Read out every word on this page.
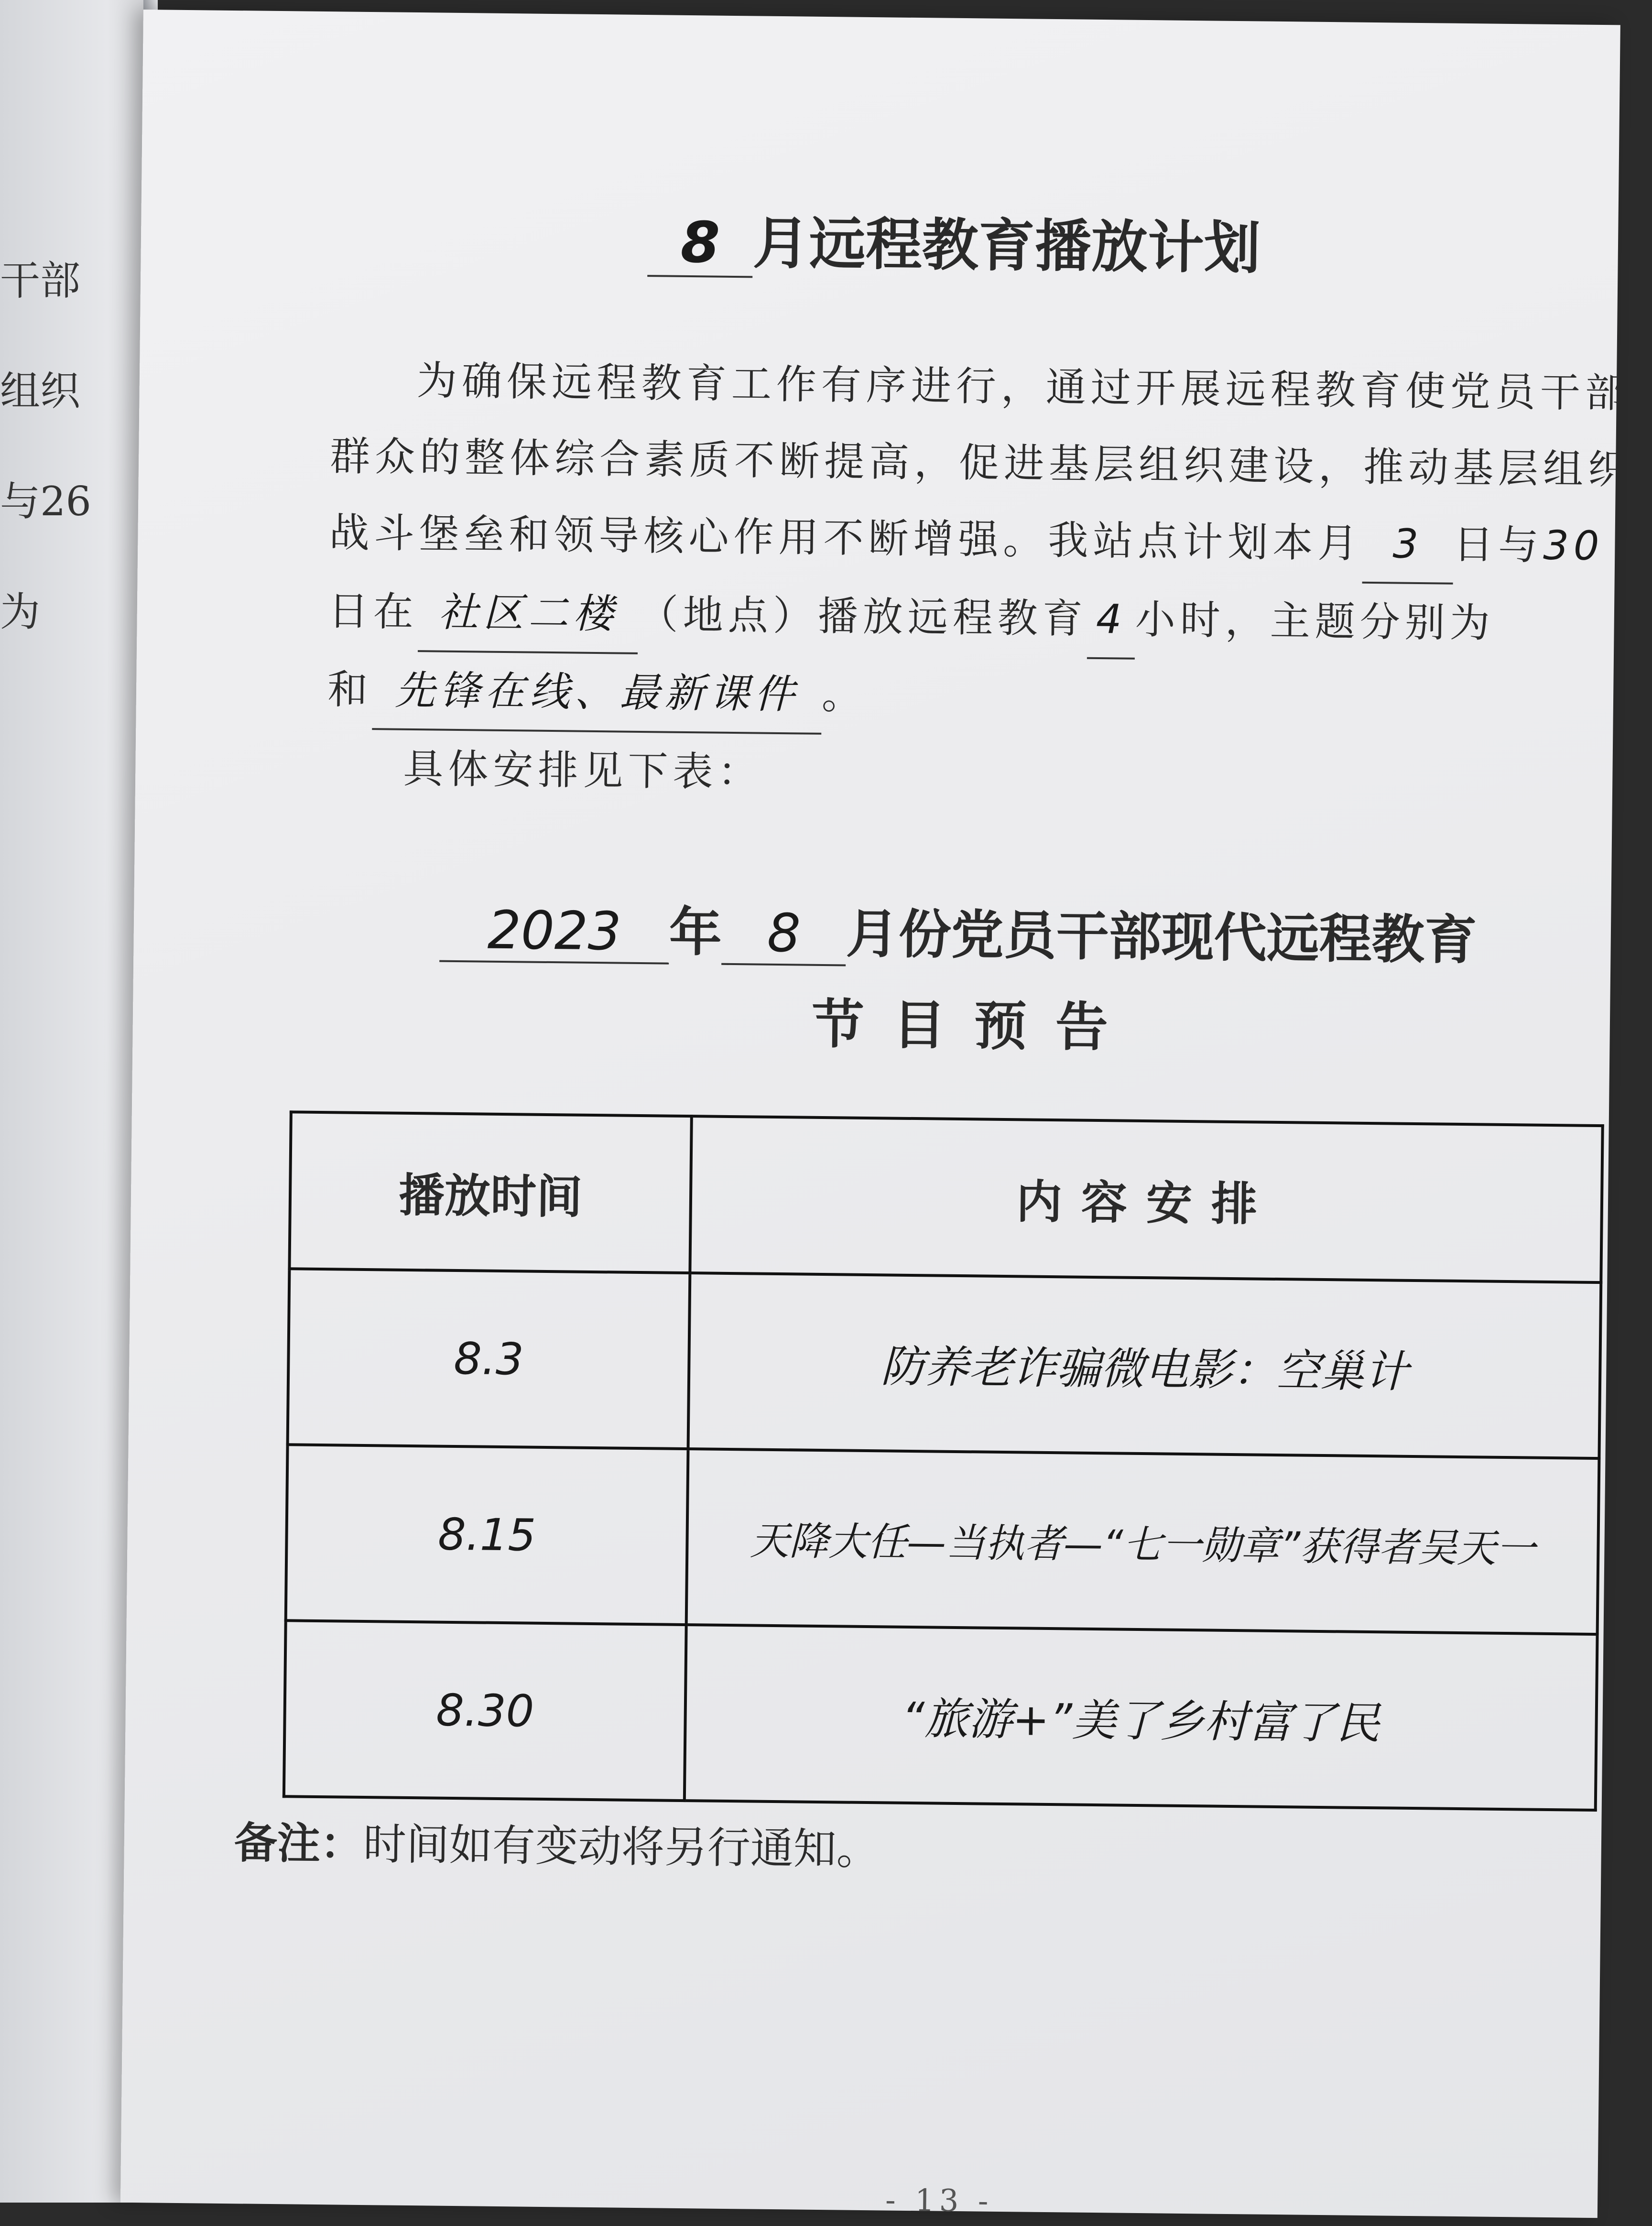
干部
组织
与26
为
8 月远程教育播放计划
为确保远程教育工作有序进行，通过开展远程教育使党员干部
群众的整体综合素质不断提高，促进基层组织建设，推动基层组织
战斗堡垒和领导核心作用不断增强。我站点计划本月 3 日与30
日在 社区二楼 （地点）播放远程教育 4 小时，主题分别为
和 先锋在线、最新课件 。
具体安排见下表：
2023 年 8 月份党员干部现代远程教育
节目预告
播放时间	内容安排
8.3	防养老诈骗微电影：空巢计
8.15	天降大任—当执者—“七一勋章”获得者吴天一
8.30	“旅游+”美了乡村富了民
备注：时间如有变动将另行通知。
- 13 -
